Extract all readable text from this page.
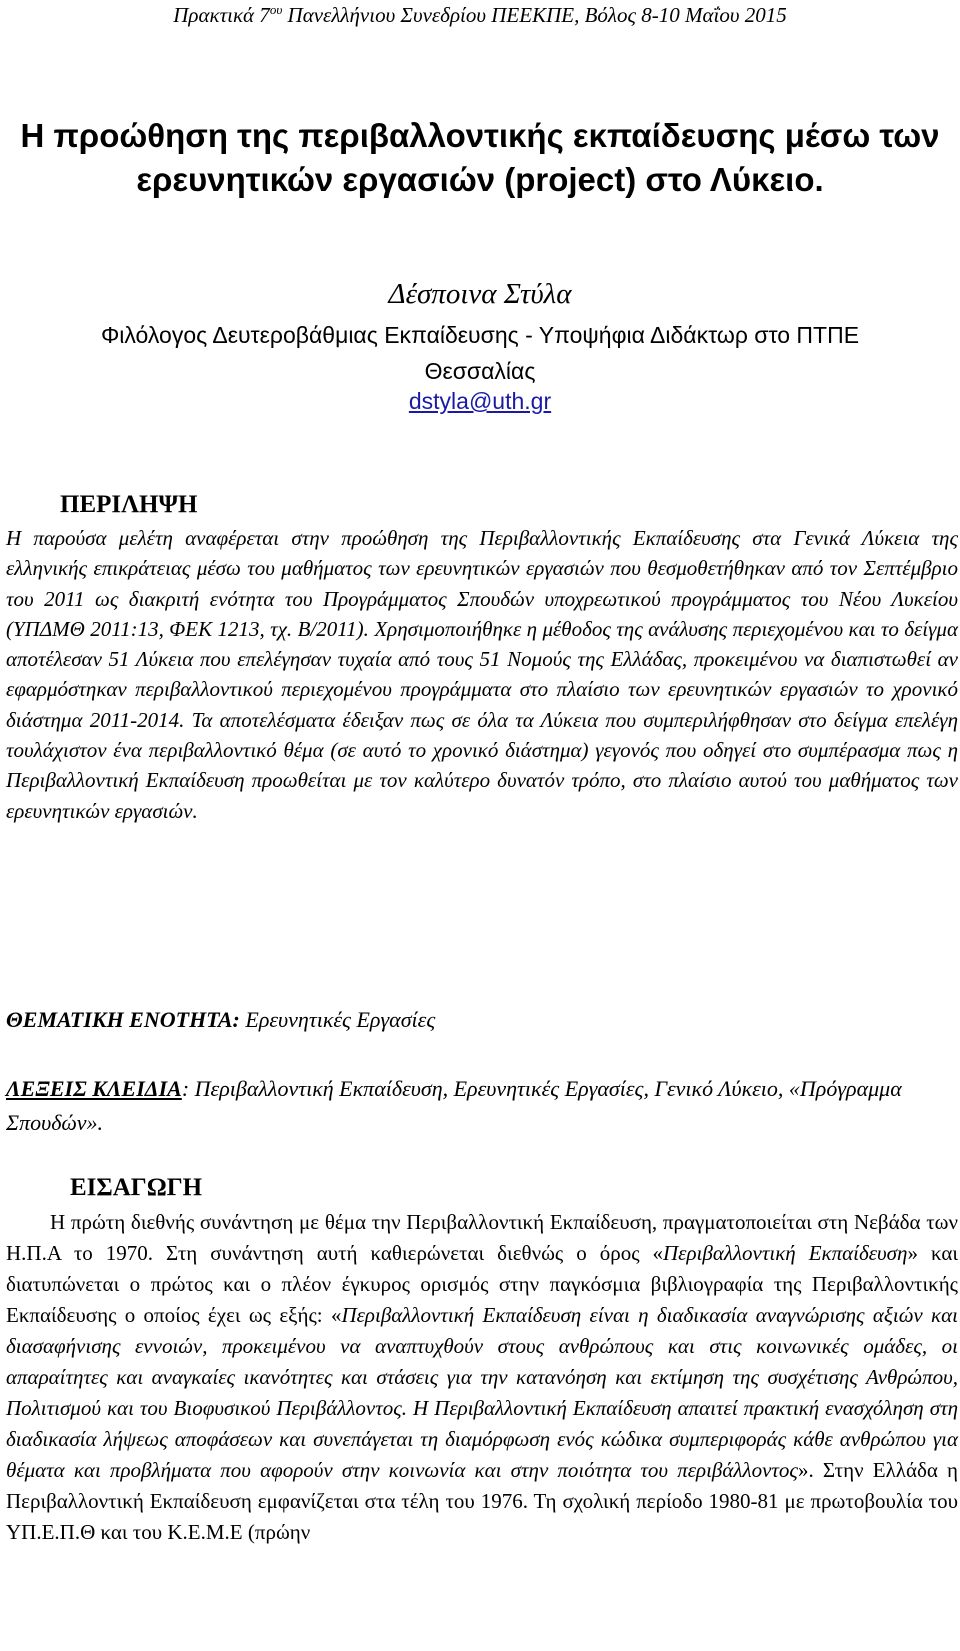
Πρακτικά $7^{o\upsilon}$ Πανελλήνιου Συνεδρίου ΠΕΕΚΠΕ, Βόλος 8-10 Μαΐου 2015
Η προώθηση της περιβαλλοντικής εκπαίδευσης μέσω των
ερευνητικών εργασιών (project) στο Λύκειο.
Δέσποινα Στύλα
Φιλόλογος Δευτεροβάθμιας Εκπαίδευσης - Υποψήφια Διδάκτωρ στο ΠΤΠΕ
Θεσσαλίας
dstyla@uth.gr
ΠΕΡΙΛΗΨΗ

Η παρούσα μελέτη αναφέρεται στην προώθηση της Περιβαλλοντικής Εκπαίδευσης στα Γενικά Λύκεια της ελληνικής επικράτειας μέσω του μαθήματος των ερευνητικών εργασιών που θεσμοθετήθηκαν από τον Σεπτέμβριο του 2011 ως διακριτή ενότητα του Προγράμματος Σπουδών υποχρεωτικού προγράμματος του Νέου Λυκείου (ΥΠΔΜΘ 2011:13, ΦΕΚ 1213, τχ. Β/2011). Χρησιμοποιήθηκε η μέθοδος της ανάλυσης περιεχομένου και το δείγμα αποτέλεσαν 51 Λύκεια που επελέγησαν τυχαία από τους 51 Νομούς της Ελλάδας, προκειμένου να διαπιστωθεί αν εφαρμόστηκαν περιβαλλοντικού περιεχομένου προγράμματα στο πλαίσιο των ερευνητικών εργασιών το χρονικό διάστημα 2011-2014. Τα αποτελέσματα έδειξαν πως σε όλα τα Λύκεια που συμπεριλήφθησαν στο δείγμα επελέγη τουλάχιστον ένα περιβαλλοντικό θέμα (σε αυτό το χρονικό διάστημα) γεγονός που οδηγεί στο συμπέρασμα πως η Περιβαλλοντική Εκπαίδευση προωθείται με τον καλύτερο δυνατόν τρόπο, στο πλαίσιο αυτού του μαθήματος των ερευνητικών εργασιών.

ΘΕΜΑΤΙΚΗ ΕΝΟΤΗΤΑ: Ερευνητικές Εργασίες

ΛΕΞΕΙΣ ΚΛΕΙΔΙΑ: Περιβαλλοντική Εκπαίδευση, Ερευνητικές Εργασίες, Γενικό Λύκειο, «Πρόγραμμα Σπουδών».

ΕΙΣΑΓΩΓΗ

Η πρώτη διεθνής συνάντηση με θέμα την Περιβαλλοντική Εκπαίδευση, πραγματοποιείται στη Νεβάδα των Η.Π.Α το 1970. Στη συνάντηση αυτή καθιερώνεται διεθνώς ο όρος «Περιβαλλοντική Εκπαίδευση» και διατυπώνεται ο πρώτος και ο πλέον έγκυρος ορισμός στην παγκόσμια βιβλιογραφία της Περιβαλλοντικής Εκπαίδευσης ο οποίος έχει ως εξής: «Περιβαλλοντική Εκπαίδευση είναι η διαδικασία αναγνώρισης αξιών και διασαφήνισης εννοιών, προκειμένου να αναπτυχθούν στους ανθρώπους και στις κοινωνικές ομάδες, οι απαραίτητες και αναγκαίες ικανότητες και στάσεις για την κατανόηση και εκτίμηση της συσχέτισης Ανθρώπου, Πολιτισμού και του Βιοφυσικού Περιβάλλοντος. Η Περιβαλλοντική Εκπαίδευση απαιτεί πρακτική ενασχόληση στη διαδικασία λήψεως αποφάσεων και συνεπάγεται τη διαμόρφωση ενός κώδικα συμπεριφοράς κάθε ανθρώπου για θέματα και προβλήματα που αφορούν στην κοινωνία και στην ποιότητα του περιβάλλοντος». Στην Ελλάδα η Περιβαλλοντική Εκπαίδευση εμφανίζεται στα τέλη του 1976. Τη σχολική περίοδο 1980-81 με πρωτοβουλία του ΥΠ.Ε.Π.Θ και του Κ.Ε.Μ.Ε (πρώην
